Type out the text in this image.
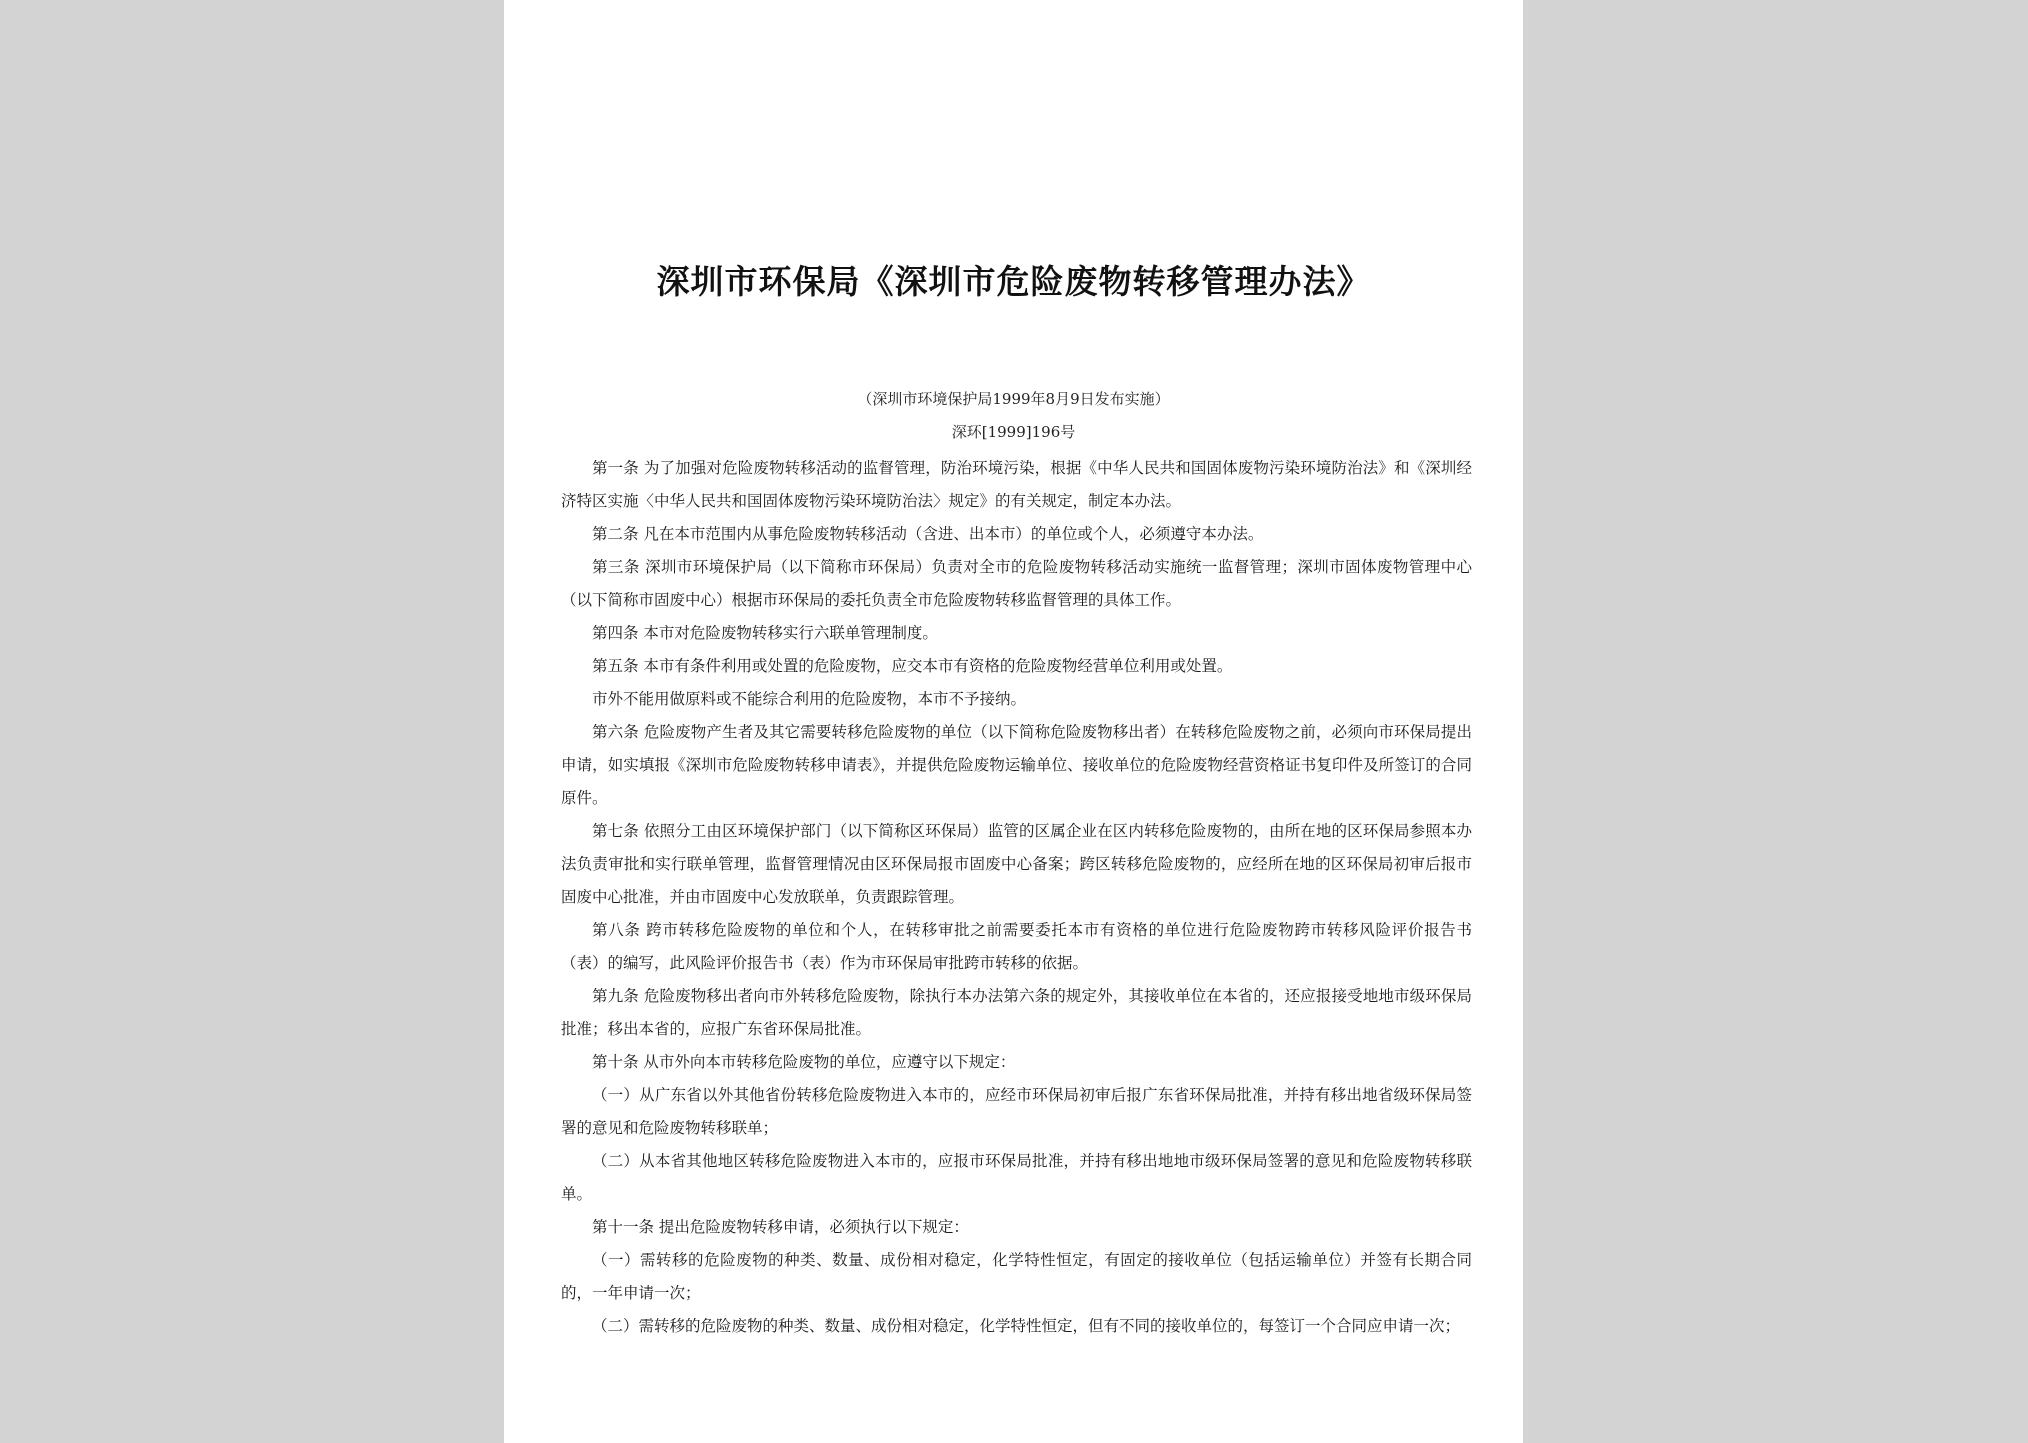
深圳市环保局《深圳市危险废物转移管理办法》
（深圳市环境保护局1999年8月9日发布实施）
深环[1999]196号

第一条 为了加强对危险废物转移活动的监督管理，防治环境污染，根据《中华人民共和国固体废物污染环境防治法》和《深圳经济特区实施〈中华人民共和国固体废物污染环境防治法〉规定》的有关规定，制定本办法。

第二条 凡在本市范围内从事危险废物转移活动（含进、出本市）的单位或个人，必须遵守本办法。

第三条 深圳市环境保护局（以下简称市环保局）负责对全市的危险废物转移活动实施统一监督管理；深圳市固体废物管理中心（以下简称市固废中心）根据市环保局的委托负责全市危险废物转移监督管理的具体工作。

第四条 本市对危险废物转移实行六联单管理制度。

第五条 本市有条件利用或处置的危险废物，应交本市有资格的危险废物经营单位利用或处置。

市外不能用做原料或不能综合利用的危险废物，本市不予接纳。

第六条 危险废物产生者及其它需要转移危险废物的单位（以下简称危险废物移出者）在转移危险废物之前，必须向市环保局提出申请，如实填报《深圳市危险废物转移申请表》，并提供危险废物运输单位、接收单位的危险废物经营资格证书复印件及所签订的合同原件。

第七条 依照分工由区环境保护部门（以下简称区环保局）监管的区属企业在区内转移危险废物的，由所在地的区环保局参照本办法负责审批和实行联单管理，监督管理情况由区环保局报市固废中心备案；跨区转移危险废物的，应经所在地的区环保局初审后报市固废中心批准，并由市固废中心发放联单，负责跟踪管理。

第八条 跨市转移危险废物的单位和个人，在转移审批之前需要委托本市有资格的单位进行危险废物跨市转移风险评价报告书（表）的编写，此风险评价报告书（表）作为市环保局审批跨市转移的依据。

第九条 危险废物移出者向市外转移危险废物，除执行本办法第六条的规定外，其接收单位在本省的，还应报接受地地市级环保局批准；移出本省的，应报广东省环保局批准。

第十条 从市外向本市转移危险废物的单位，应遵守以下规定：

（一）从广东省以外其他省份转移危险废物进入本市的，应经市环保局初审后报广东省环保局批准，并持有移出地省级环保局签署的意见和危险废物转移联单；

（二）从本省其他地区转移危险废物进入本市的，应报市环保局批准，并持有移出地地市级环保局签署的意见和危险废物转移联单。

第十一条 提出危险废物转移申请，必须执行以下规定：

（一）需转移的危险废物的种类、数量、成份相对稳定，化学特性恒定，有固定的接收单位（包括运输单位）并签有长期合同的，一年申请一次；

（二）需转移的危险废物的种类、数量、成份相对稳定，化学特性恒定，但有不同的接收单位的，每签订一个合同应申请一次；
